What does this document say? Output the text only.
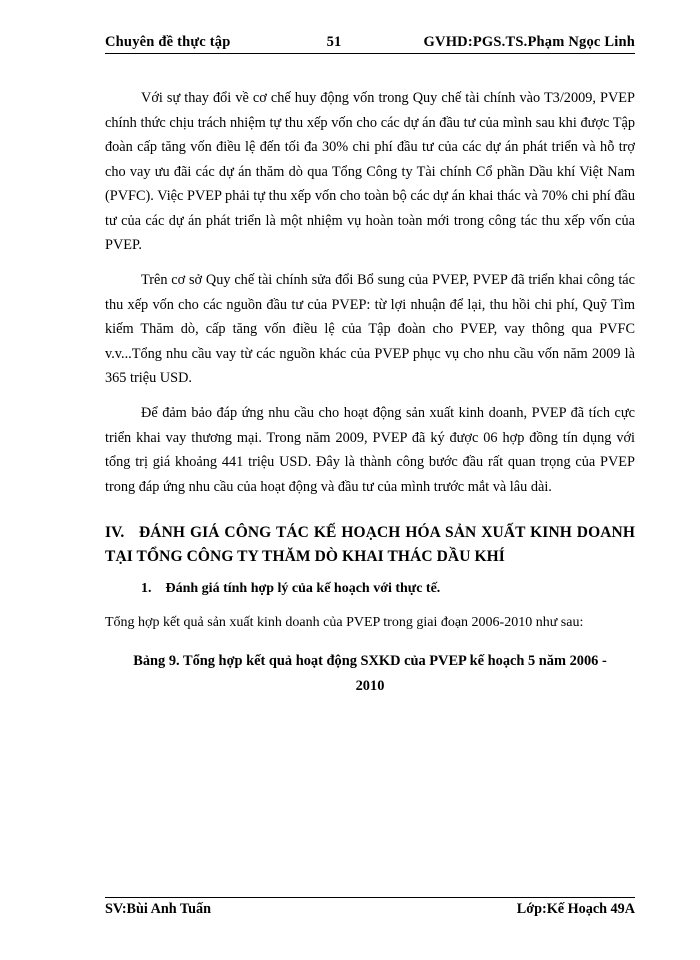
Chuyên đề thực tập	51	GVHD:PGS.TS.Phạm Ngọc Linh

Với sự thay đổi về cơ chế huy động vốn trong Quy chế tài chính vào T3/2009, PVEP chính thức chịu trách nhiệm tự thu xếp vốn cho các dự án đầu tư của mình sau khi được Tập đoàn cấp tăng vốn điều lệ đến tối đa 30% chi phí đầu tư của các dự án phát triển và hỗ trợ cho vay ưu đãi các dự án thăm dò qua Tổng Công ty Tài chính Cổ phần Dầu khí Việt Nam (PVFC). Việc PVEP phải tự thu xếp vốn cho toàn bộ các dự án khai thác và 70% chi phí đầu tư của các dự án phát triển là một nhiệm vụ hoàn toàn mới trong công tác thu xếp vốn của PVEP.

Trên cơ sở Quy chế tài chính sửa đổi Bổ sung của PVEP, PVEP đã triển khai công tác thu xếp vốn cho các nguồn đầu tư của PVEP: từ lợi nhuận để lại, thu hồi chi phí, Quỹ Tìm kiếm Thăm dò, cấp tăng vốn điều lệ của Tập đoàn cho PVEP, vay thông qua PVFC v.v...Tổng nhu cầu vay từ các nguồn khác của PVEP phục vụ cho nhu cầu vốn năm 2009 là 365 triệu USD.

Để đảm bảo đáp ứng nhu cầu cho hoạt động sản xuất kinh doanh, PVEP đã tích cực triển khai vay thương mại. Trong năm 2009, PVEP đã ký được 06 hợp đồng tín dụng với tổng trị giá khoảng 441 triệu USD. Đây là thành công bước đầu rất quan trọng của PVEP trong đáp ứng nhu cầu của hoạt động và đầu tư của mình trước mắt và lâu dài.

IV. ĐÁNH GIÁ CÔNG TÁC KẾ HOẠCH HÓA SẢN XUẤT KINH DOANH TẠI TỔNG CÔNG TY THĂM DÒ KHAI THÁC DẦU KHÍ
1. Đánh giá tính hợp lý của kế hoạch với thực tế.
Tổng hợp kết quả sản xuất kinh doanh của PVEP trong giai đoạn 2006-2010 như sau:
Bảng 9. Tổng hợp kết quả hoạt động SXKD của PVEP kế hoạch 5 năm 2006 - 2010
SV:Bùi Anh Tuấn	Lớp:Kế Hoạch 49A
